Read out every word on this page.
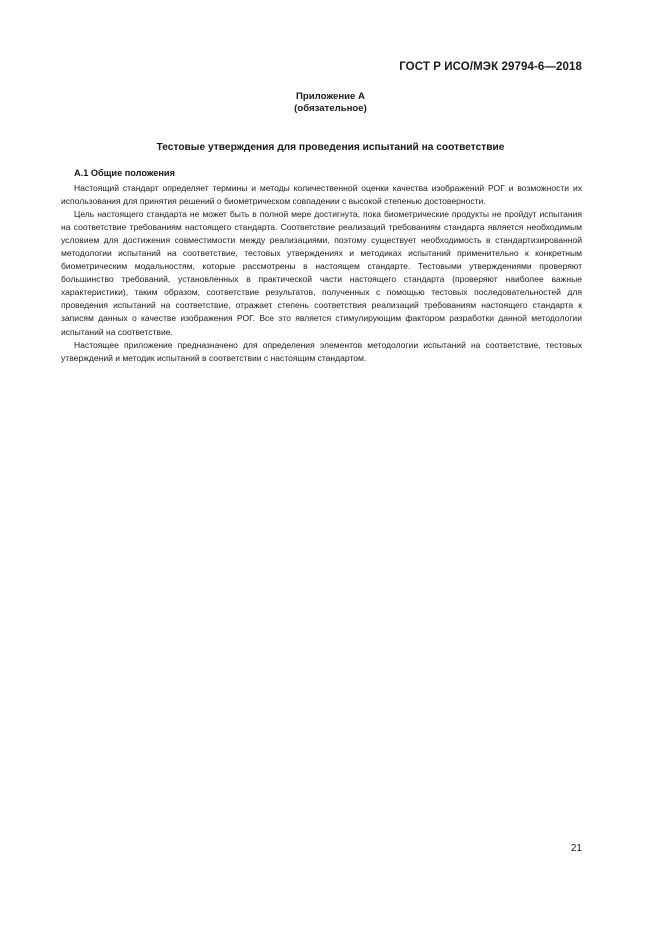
ГОСТ Р ИСО/МЭК 29794-6—2018
Приложение А
(обязательное)
Тестовые утверждения для проведения испытаний на соответствие
А.1 Общие положения

Настоящий стандарт определяет термины и методы количественной оценки качества изображений РОГ и возможности их использования для принятия решений о биометрическом совпадении с высокой степенью достоверности.

Цель настоящего стандарта не может быть в полной мере достигнута, пока биометрические продукты не пройдут испытания на соответствие требованиям настоящего стандарта. Соответствие реализаций требованиям стандарта является необходимым условием для достижения совместимости между реализациями, поэтому существует необходимость в стандартизированной методологии испытаний на соответствие, тестовых утверждениях и методиках испытаний применительно к конкретным биометрическим модальностям, которые рассмотрены в настоящем стандарте. Тестовыми утверждениями проверяют большинство требований, установленных в практической части настоящего стандарта (проверяют наиболее важные характеристики), таким образом, соответствие результатов, полученных с помощью тестовых последовательностей для проведения испытаний на соответствие, отражает степень соответствия реализаций требованиям настоящего стандарта к записям данных о качестве изображения РОГ. Все это является стимулирующим фактором разработки данной методологии испытаний на соответствие.

Настоящее приложение предназначено для определения элементов методологии испытаний на соответствие, тестовых утверждений и методик испытаний в соответствии с настоящим стандартом.

21
